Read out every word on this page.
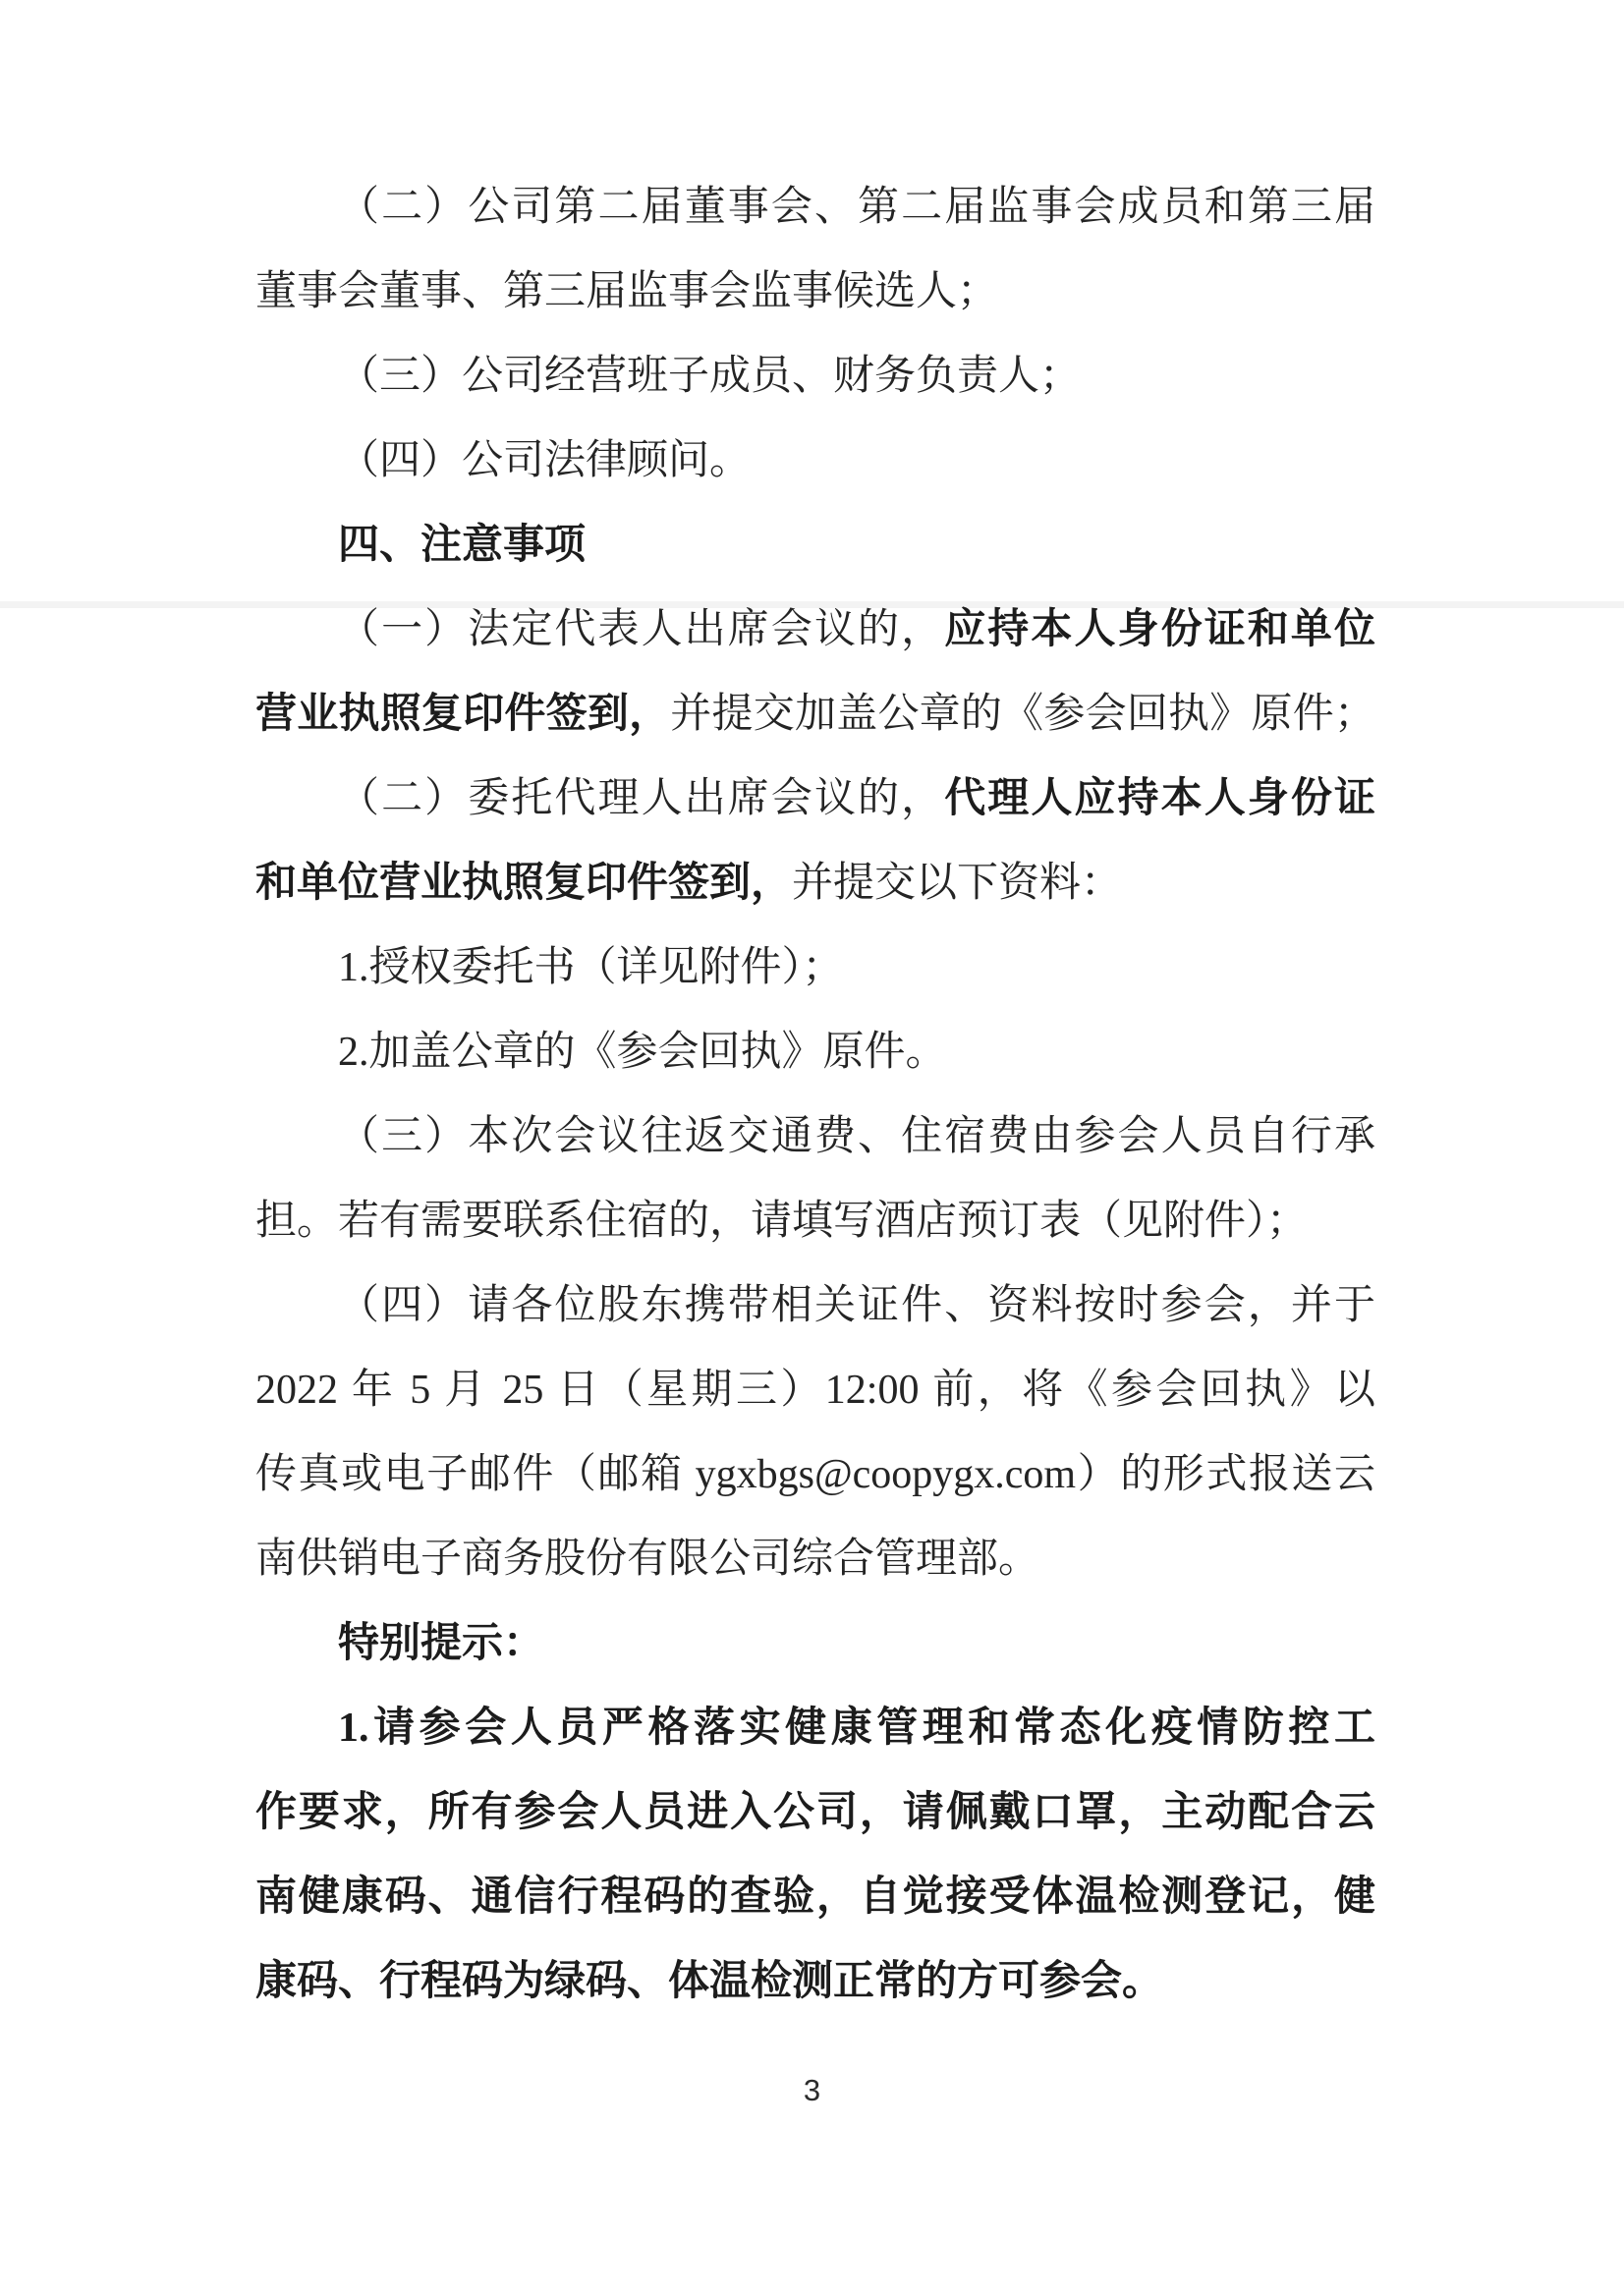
（二）公司第二届董事会、第二届监事会成员和第三届
董事会董事、第三届监事会监事候选人；
（三）公司经营班子成员、财务负责人；
（四）公司法律顾问。
四、注意事项
（一）法定代表人出席会议的，应持本人身份证和单位
营业执照复印件签到，并提交加盖公章的《参会回执》原件；
（二）委托代理人出席会议的，代理人应持本人身份证
和单位营业执照复印件签到，并提交以下资料：
1.授权委托书（详见附件）；
2.加盖公章的《参会回执》原件。
（三）本次会议往返交通费、住宿费由参会人员自行承
担。若有需要联系住宿的，请填写酒店预订表（见附件）；
（四）请各位股东携带相关证件、资料按时参会，并于
2022 年 5 月 25 日（星期三）12:00 前，将《参会回执》以
传真或电子邮件（邮箱 ygxbgs@coopygx.com）的形式报送云
南供销电子商务股份有限公司综合管理部。
特别提示：
1.请参会人员严格落实健康管理和常态化疫情防控工
作要求，所有参会人员进入公司，请佩戴口罩，主动配合云
南健康码、通信行程码的查验，自觉接受体温检测登记，健
康码、行程码为绿码、体温检测正常的方可参会。
3
